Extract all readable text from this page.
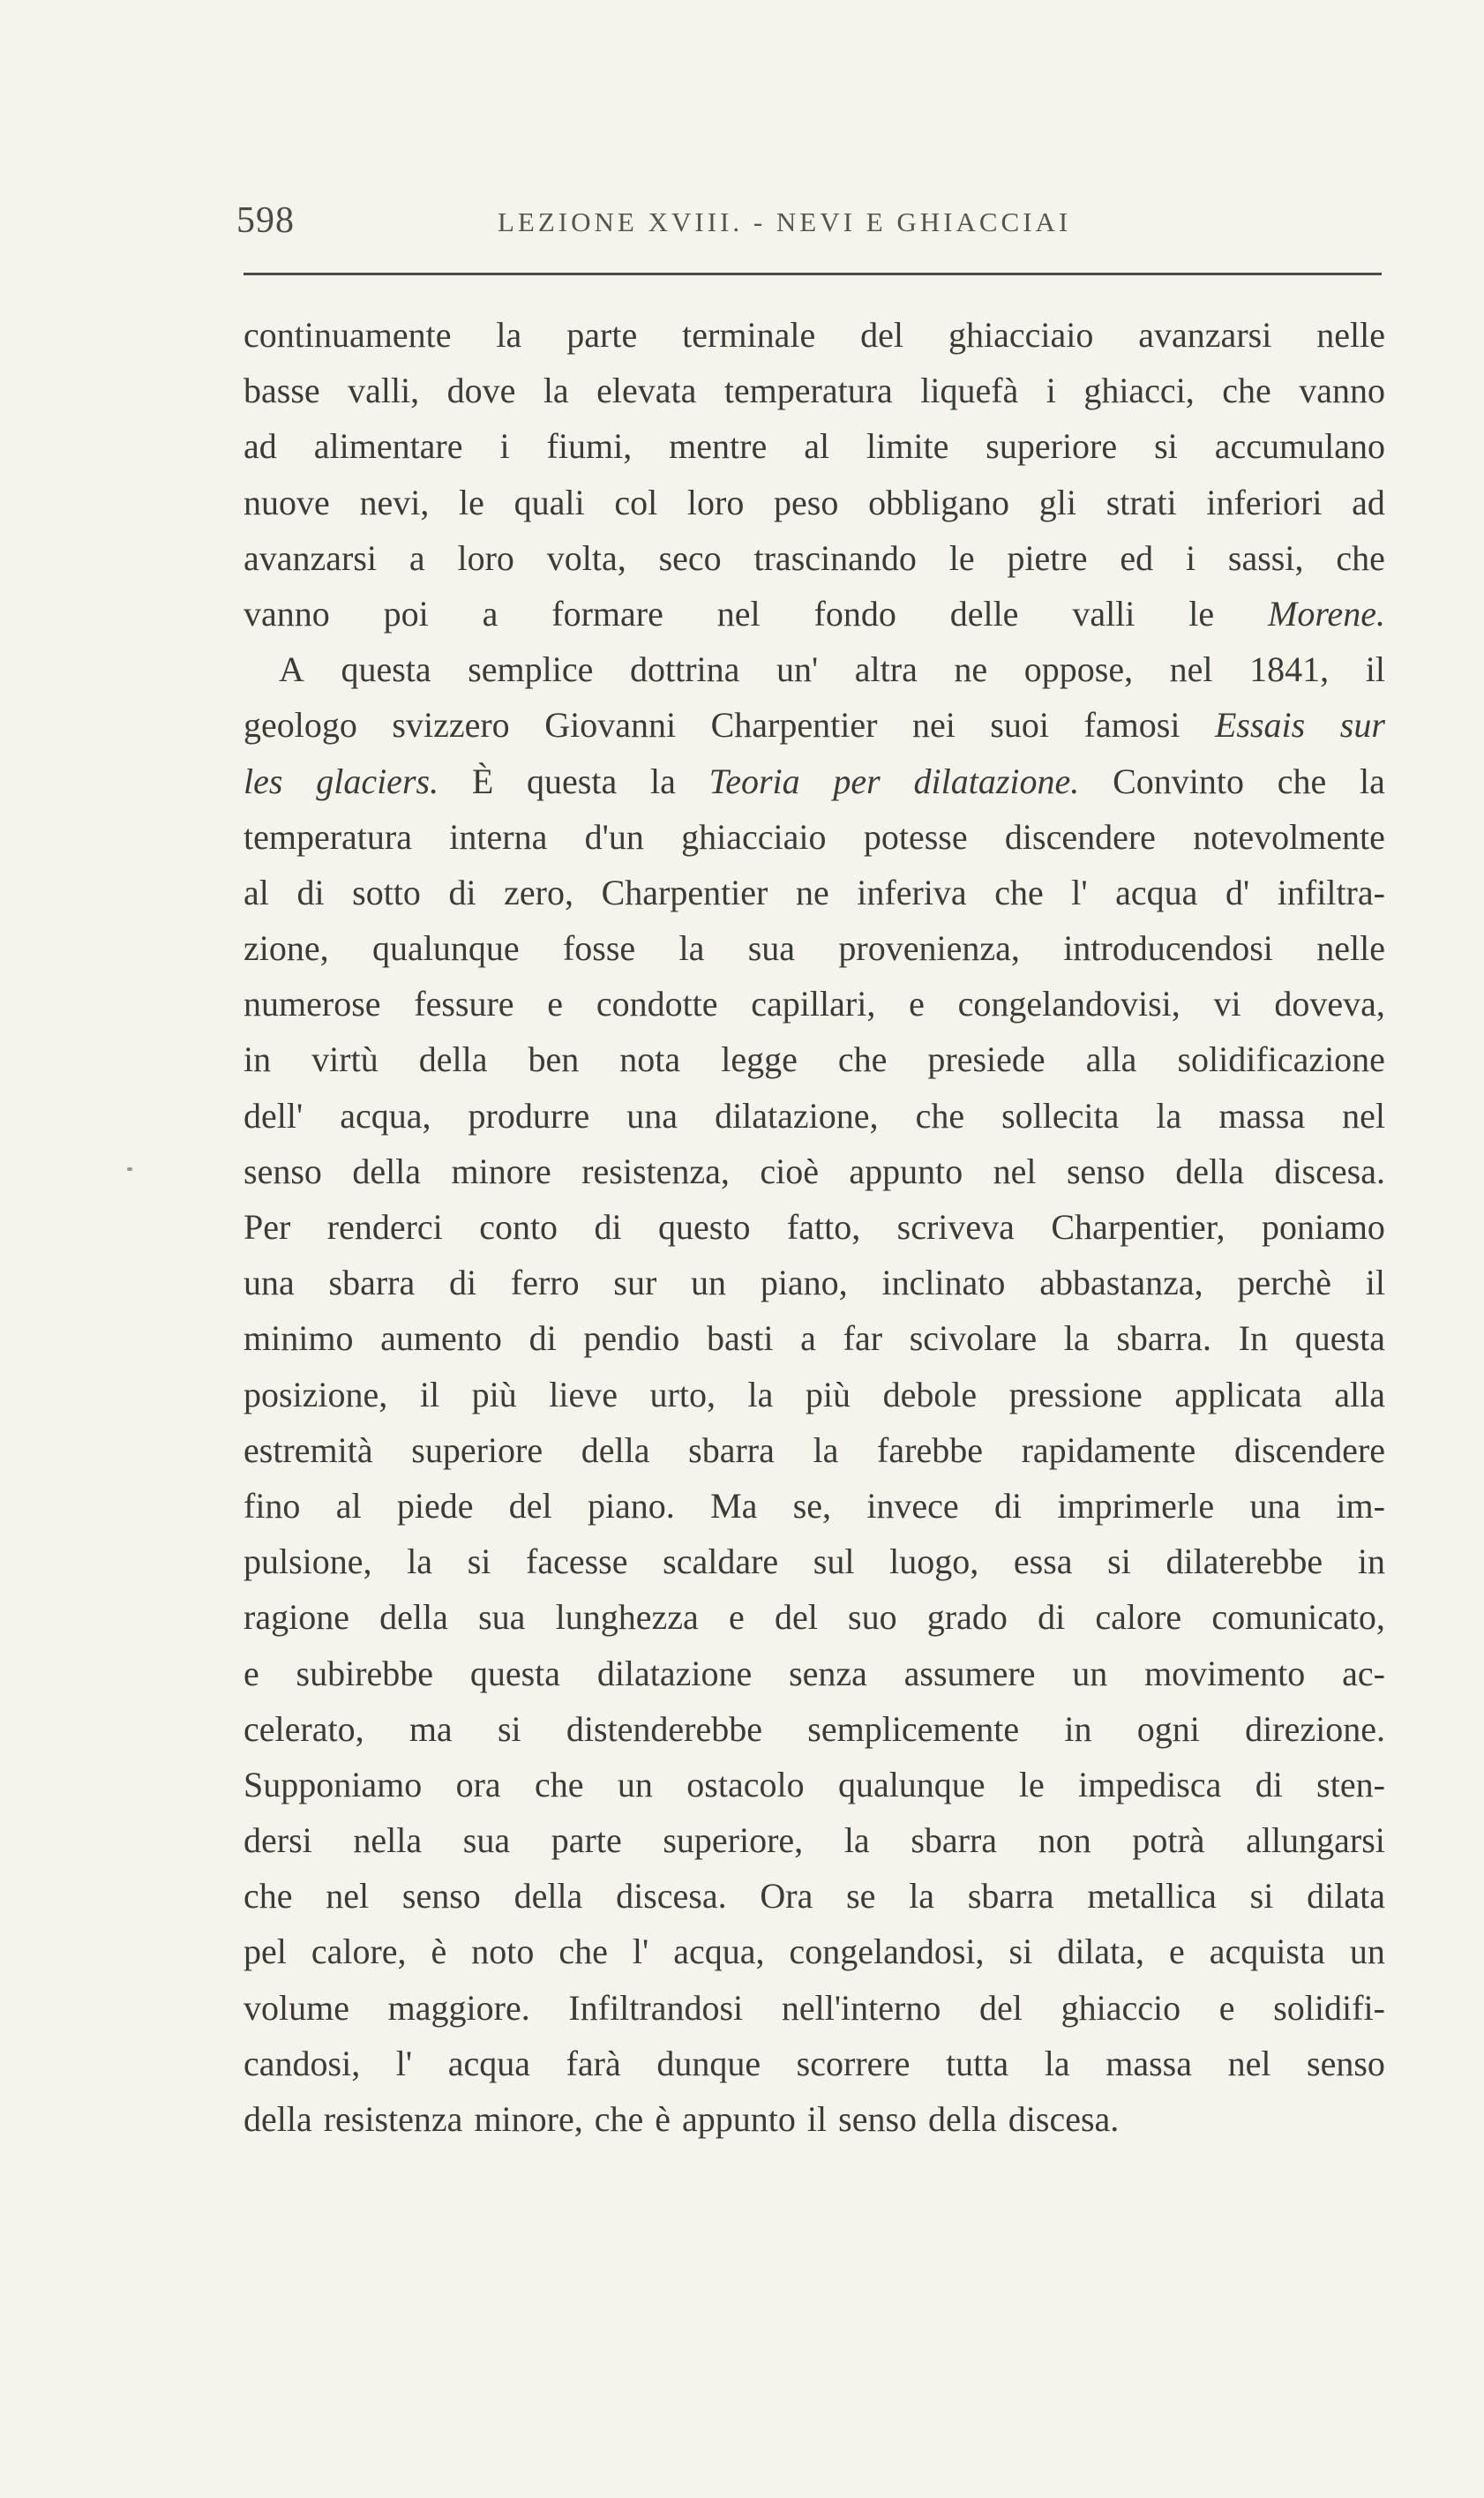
598	LEZIONE XVIII. - NEVI E GHIACCIAI
continuamente la parte terminale del ghiacciaio avanzarsi nelle
basse valli, dove la elevata temperatura liquefà i ghiacci, che vanno
ad alimentare i fiumi, mentre al limite superiore si accumulano
nuove nevi, le quali col loro peso obbligano gli strati inferiori ad
avanzarsi a loro volta, seco trascinando le pietre ed i sassi, che
vanno poi a formare nel fondo delle valli le Morene.
A questa semplice dottrina un' altra ne oppose, nel 1841, il
geologo svizzero Giovanni Charpentier nei suoi famosi Essais sur
les glaciers. È questa la Teoria per dilatazione. Convinto che la
temperatura interna d'un ghiacciaio potesse discendere notevolmente
al di sotto di zero, Charpentier ne inferiva che l' acqua d' infiltra-
zione, qualunque fosse la sua provenienza, introducendosi nelle
numerose fessure e condotte capillari, e congelandovisi, vi doveva,
in virtù della ben nota legge che presiede alla solidificazione
dell' acqua, produrre una dilatazione, che sollecita la massa nel
senso della minore resistenza, cioè appunto nel senso della discesa.
Per renderci conto di questo fatto, scriveva Charpentier, poniamo
una sbarra di ferro sur un piano, inclinato abbastanza, perchè il
minimo aumento di pendio basti a far scivolare la sbarra. In questa
posizione, il più lieve urto, la più debole pressione applicata alla
estremità superiore della sbarra la farebbe rapidamente discendere
fino al piede del piano. Ma se, invece di imprimerle una im-
pulsione, la si facesse scaldare sul luogo, essa si dilaterebbe in
ragione della sua lunghezza e del suo grado di calore comunicato,
e subirebbe questa dilatazione senza assumere un movimento ac-
celerato, ma si distenderebbe semplicemente in ogni direzione.
Supponiamo ora che un ostacolo qualunque le impedisca di sten-
dersi nella sua parte superiore, la sbarra non potrà allungarsi
che nel senso della discesa. Ora se la sbarra metallica si dilata
pel calore, è noto che l' acqua, congelandosi, si dilata, e acquista un
volume maggiore. Infiltrandosi nell'interno del ghiaccio e solidifi-
candosi, l' acqua farà dunque scorrere tutta la massa nel senso
della resistenza minore, che è appunto il senso della discesa.
